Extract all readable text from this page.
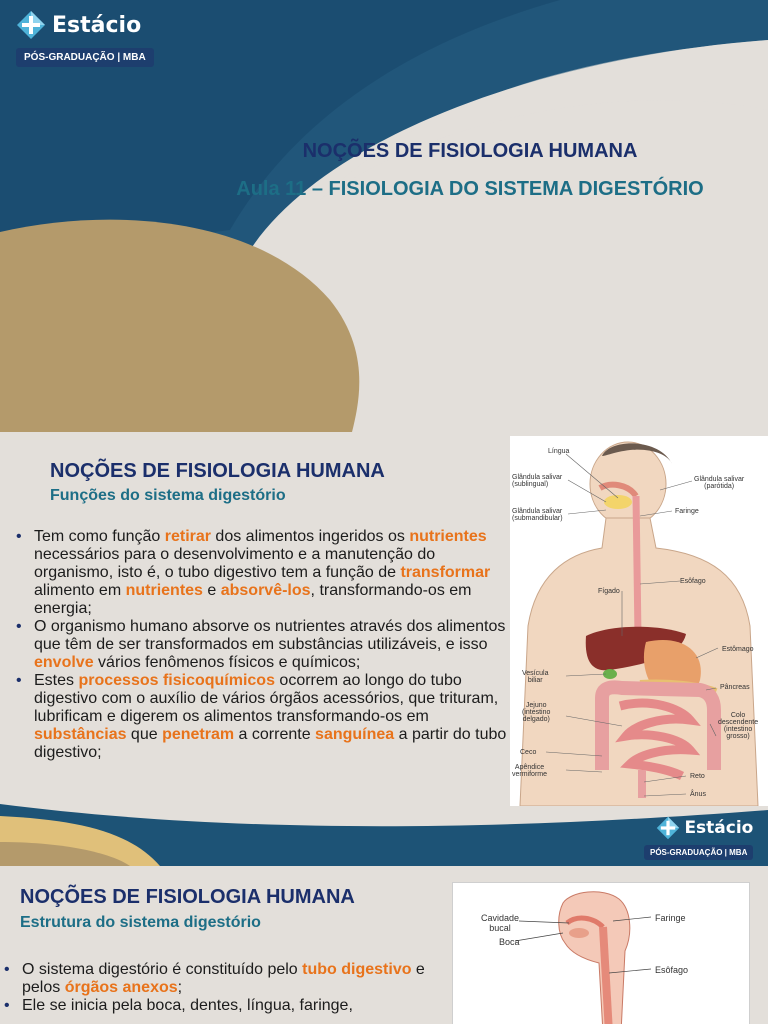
Estácio
PÓS-GRADUAÇÃO | MBA
NOÇÕES DE FISIOLOGIA HUMANA
Aula 11 – FISIOLOGIA DO SISTEMA DIGESTÓRIO
NOÇÕES DE FISIOLOGIA HUMANA
Funções do sistema digestório
• Tem como função retirar dos alimentos ingeridos os nutrientes necessários para o desenvolvimento e a manutenção do organismo, isto é, o tubo digestivo tem a função de transformar alimento em nutrientes e absorvê-los, transformando-os em energia;
• O organismo humano absorve os nutrientes através dos alimentos que têm de ser transformados em substâncias utilizáveis, e isso envolve vários fenômenos físicos e químicos;
• Estes processos fisicoquímicos ocorrem ao longo do tubo digestivo com o auxílio de vários órgãos acessórios, que trituram, lubrificam e digerem os alimentos transformando-os em substâncias que penetram a corrente sanguínea a partir do tubo digestivo;
Língua
Glândula salivar
(sublingual)
Glândula salivar
(submandibular)
Glândula salivar
(parótida)
Faringe
Esôfago
Fígado
Estômago
Vesícula
biliar
Pâncreas
Jejuno
(intestino
delgado)
Colo
descendente
(intestino
grosso)
Ceco
Apêndice
vermiforme	Reto
Ânus
Estácio
PÓS-GRADUAÇÃO | MBA
NOÇÕES DE FISIOLOGIA HUMANA
Estrutura do sistema digestório
• O sistema digestório é constituído pelo tubo digestivo e pelos órgãos anexos;
• Ele se inicia pela boca, dentes, língua, faringe,
Cavidade
bucal
Boca
Faringe
Esôfago
